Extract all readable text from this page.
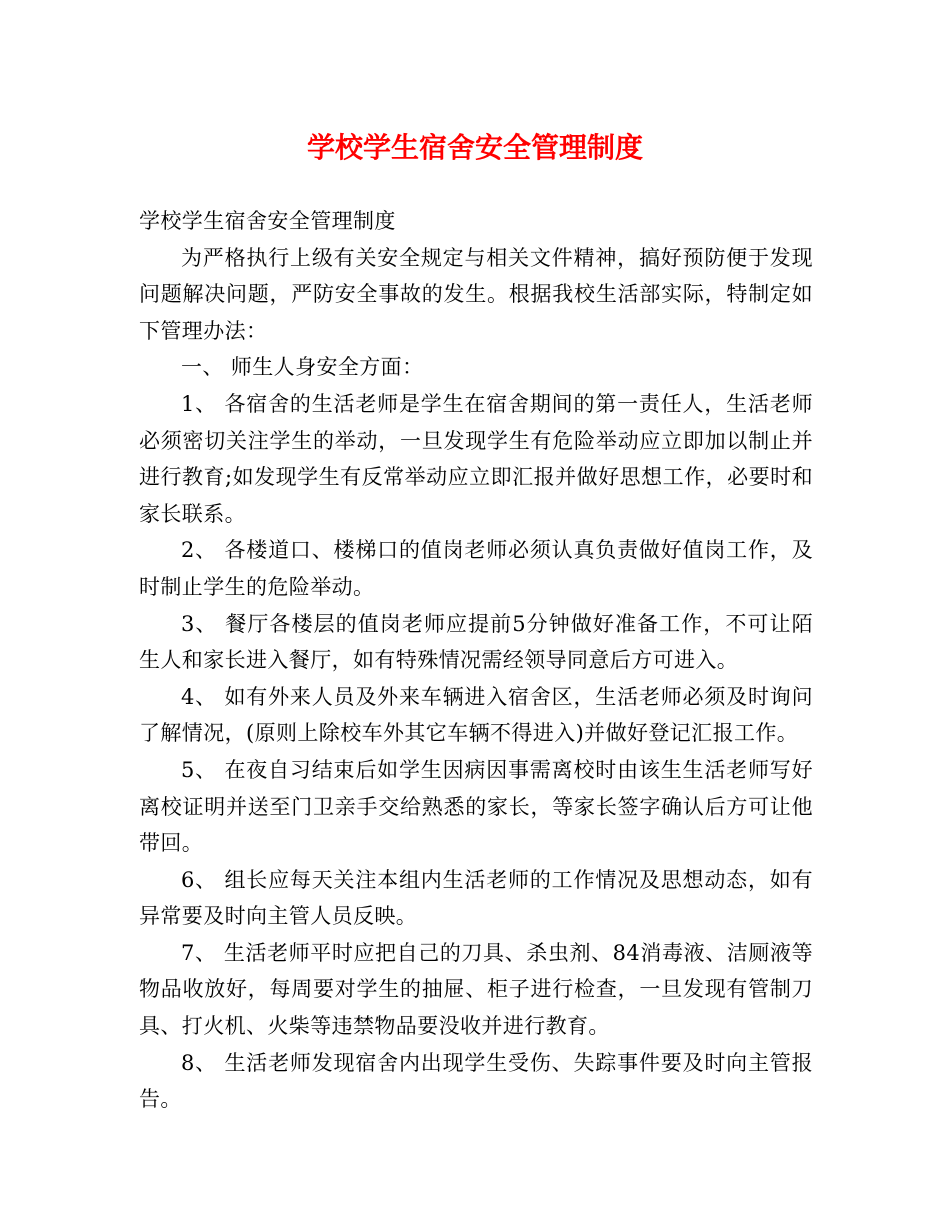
学校学生宿舍安全管理制度

学校学生宿舍安全管理制度

为严格执行上级有关安全规定与相关文件精神，搞好预防便于发现问题解决问题，严防安全事故的发生。根据我校生活部实际，特制定如下管理办法：

一、 师生人身安全方面：

1、 各宿舍的生活老师是学生在宿舍期间的第一责任人，生活老师必须密切关注学生的举动，一旦发现学生有危险举动应立即加以制止并进行教育;如发现学生有反常举动应立即汇报并做好思想工作，必要时和家长联系。

2、 各楼道口、楼梯口的值岗老师必须认真负责做好值岗工作，及时制止学生的危险举动。

3、 餐厅各楼层的值岗老师应提前5分钟做好准备工作，不可让陌生人和家长进入餐厅，如有特殊情况需经领导同意后方可进入。

4、 如有外来人员及外来车辆进入宿舍区，生活老师必须及时询问了解情况，(原则上除校车外其它车辆不得进入)并做好登记汇报工作。

5、 在夜自习结束后如学生因病因事需离校时由该生生活老师写好离校证明并送至门卫亲手交给熟悉的家长，等家长签字确认后方可让他带回。

6、 组长应每天关注本组内生活老师的工作情况及思想动态，如有异常要及时向主管人员反映。

7、 生活老师平时应把自己的刀具、杀虫剂、84消毒液、洁厕液等物品收放好，每周要对学生的抽屉、柜子进行检查，一旦发现有管制刀具、打火机、火柴等违禁物品要没收并进行教育。

8、 生活老师发现宿舍内出现学生受伤、失踪事件要及时向主管报告。
